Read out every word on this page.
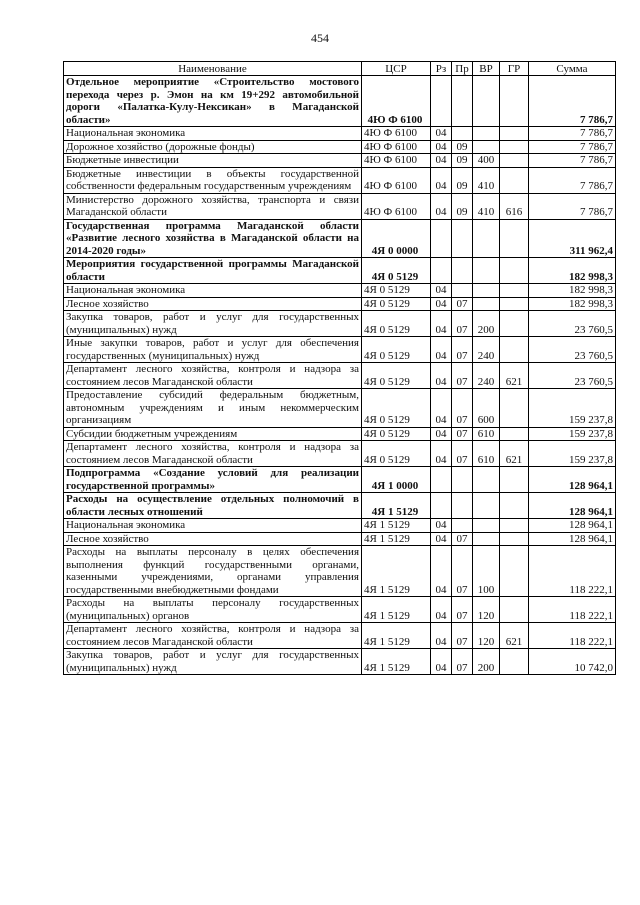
454
Наименование	ЦСР	Рз	Пр	ВР	ГР	Сумма
Отдельное мероприятие «Строительство мостового перехода через р. Эмон на км 19+292 автомобильной дороги «Палатка-Кулу-Нексикан» в Магаданской области»	4Ю Ф 6100					7 786,7
Национальная экономика	4Ю Ф 6100	04				7 786,7
Дорожное хозяйство (дорожные фонды)	4Ю Ф 6100	04	09			7 786,7
Бюджетные инвестиции	4Ю Ф 6100	04	09	400		7 786,7
Бюджетные инвестиции в объекты государственной собственности федеральным государственным учреждениям	4Ю Ф 6100	04	09	410		7 786,7
Министерство дорожного хозяйства, транспорта и связи Магаданской области	4Ю Ф 6100	04	09	410	616	7 786,7
Государственная программа Магаданской области «Развитие лесного хозяйства в Магаданской области на 2014-2020 годы»	4Я 0 0000					311 962,4
Мероприятия государственной программы Магаданской области	4Я 0 5129					182 998,3
Национальная экономика	4Я 0 5129	04				182 998,3
Лесное хозяйство	4Я 0 5129	04	07			182 998,3
Закупка товаров, работ и услуг для государственных (муниципальных) нужд	4Я 0 5129	04	07	200		23 760,5
Иные закупки товаров, работ и услуг для обеспечения государственных (муниципальных) нужд	4Я 0 5129	04	07	240		23 760,5
Департамент лесного хозяйства, контроля и надзора за состоянием лесов Магаданской области	4Я 0 5129	04	07	240	621	23 760,5
Предоставление субсидий федеральным бюджетным, автономным учреждениям и иным некоммерческим организациям	4Я 0 5129	04	07	600		159 237,8
Субсидии бюджетным учреждениям	4Я 0 5129	04	07	610		159 237,8
Департамент лесного хозяйства, контроля и надзора за состоянием лесов Магаданской области	4Я 0 5129	04	07	610	621	159 237,8
Подпрограмма «Создание условий для реализации государственной программы»	4Я 1 0000					128 964,1
Расходы на осуществление отдельных полномочий в области лесных отношений	4Я 1 5129					128 964,1
Национальная экономика	4Я 1 5129	04				128 964,1
Лесное хозяйство	4Я 1 5129	04	07			128 964,1
Расходы на выплаты персоналу в целях обеспечения выполнения функций государственными органами, казенными учреждениями, органами управления государственными внебюджетными фондами	4Я 1 5129	04	07	100		118 222,1
Расходы на выплаты персоналу государственных (муниципальных) органов	4Я 1 5129	04	07	120		118 222,1
Департамент лесного хозяйства, контроля и надзора за состоянием лесов Магаданской области	4Я 1 5129	04	07	120	621	118 222,1
Закупка товаров, работ и услуг для государственных (муниципальных) нужд	4Я 1 5129	04	07	200		10 742,0
